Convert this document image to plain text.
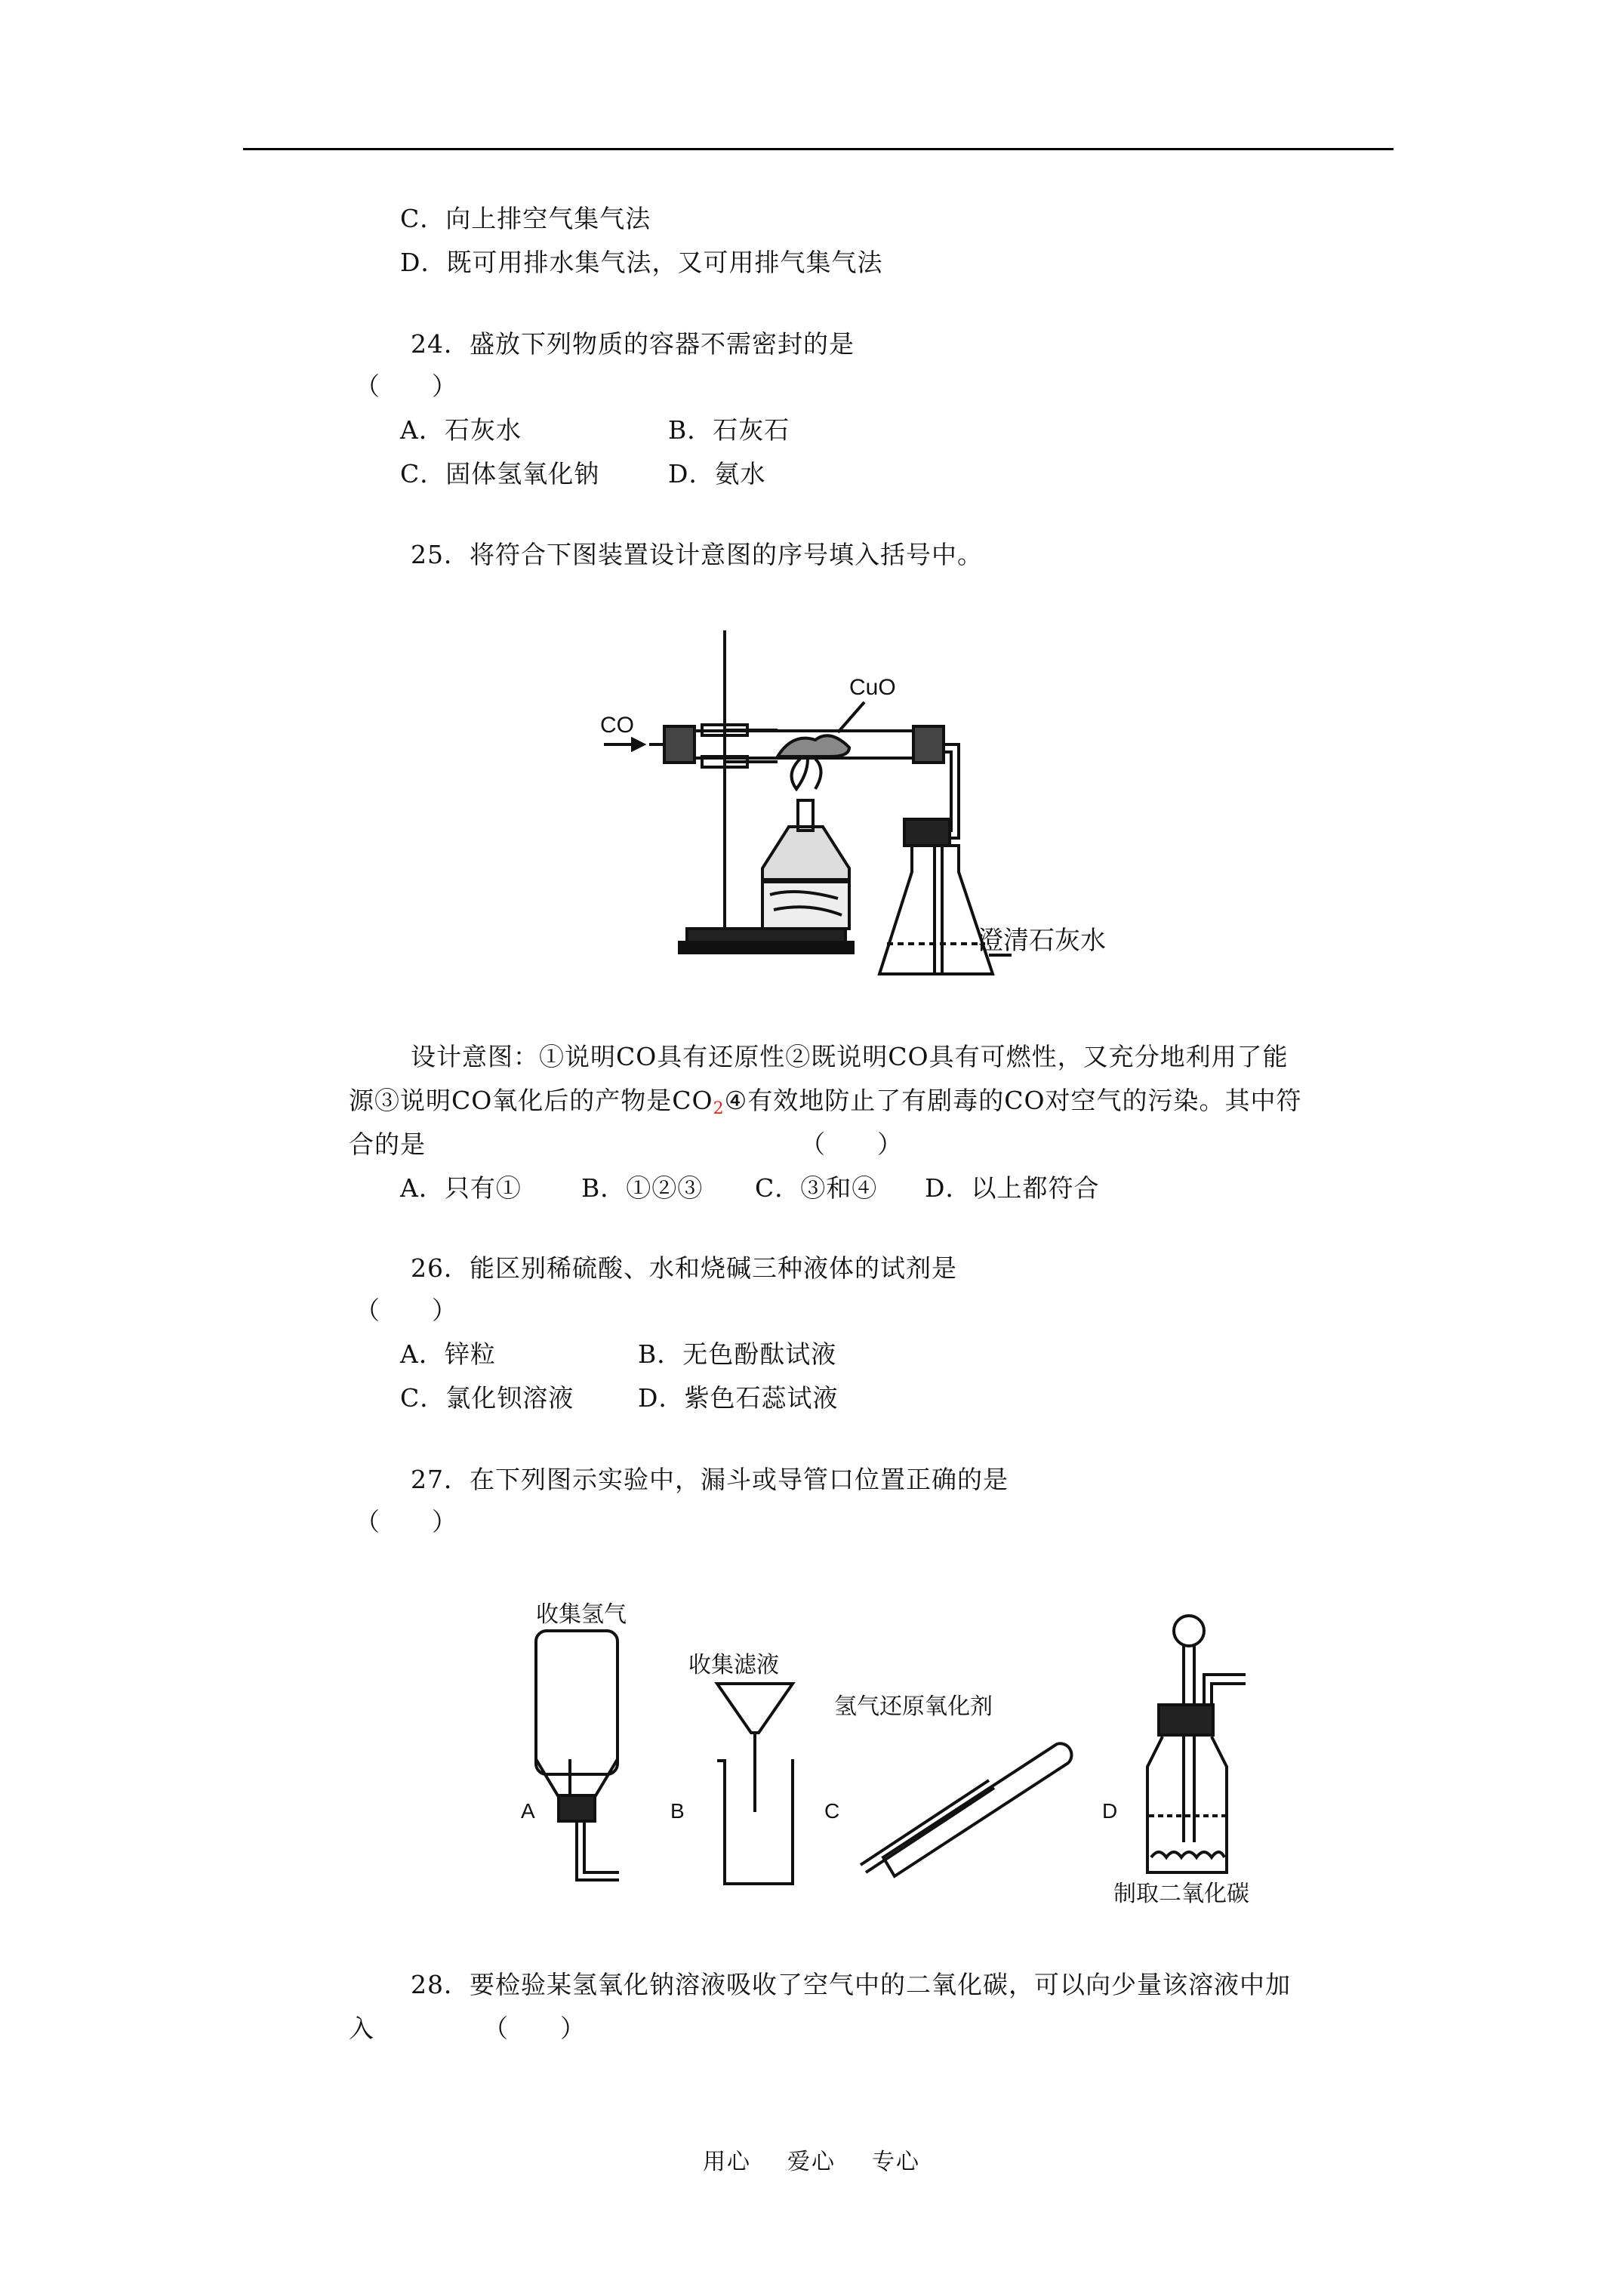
C．向上排空气集气法
D．既可用排水集气法，又可用排气集气法
24．盛放下列物质的容器不需密封的是
（　　）
A．石灰水	B．石灰石
C．固体氢氧化钠	D．氨水
25．将符合下图装置设计意图的序号填入括号中。
CO
CuO
澄清石灰水
设计意图：①说明CO具有还原性②既说明CO具有可燃性，又充分地利用了能
源③说明CO氧化后的产物是CO2④有效地防止了有剧毒的CO对空气的污染。其中符
合的是	（　　）
A．只有① B．①②③ C．③和④ D．以上都符合
26．能区别稀硫酸、水和烧碱三种液体的试剂是
（　　）
A．锌粒	B．无色酚酞试液
C．氯化钡溶液	D．紫色石蕊试液
27．在下列图示实验中，漏斗或导管口位置正确的是
（　　）
收集氢气
A
收集滤液
B
氢气还原氧化剂
C
制取二氧化碳
D
28．要检验某氢氧化钠溶液吸收了空气中的二氧化碳，可以向少量该溶液中加
入	（　　）
用心 爱心 专心
